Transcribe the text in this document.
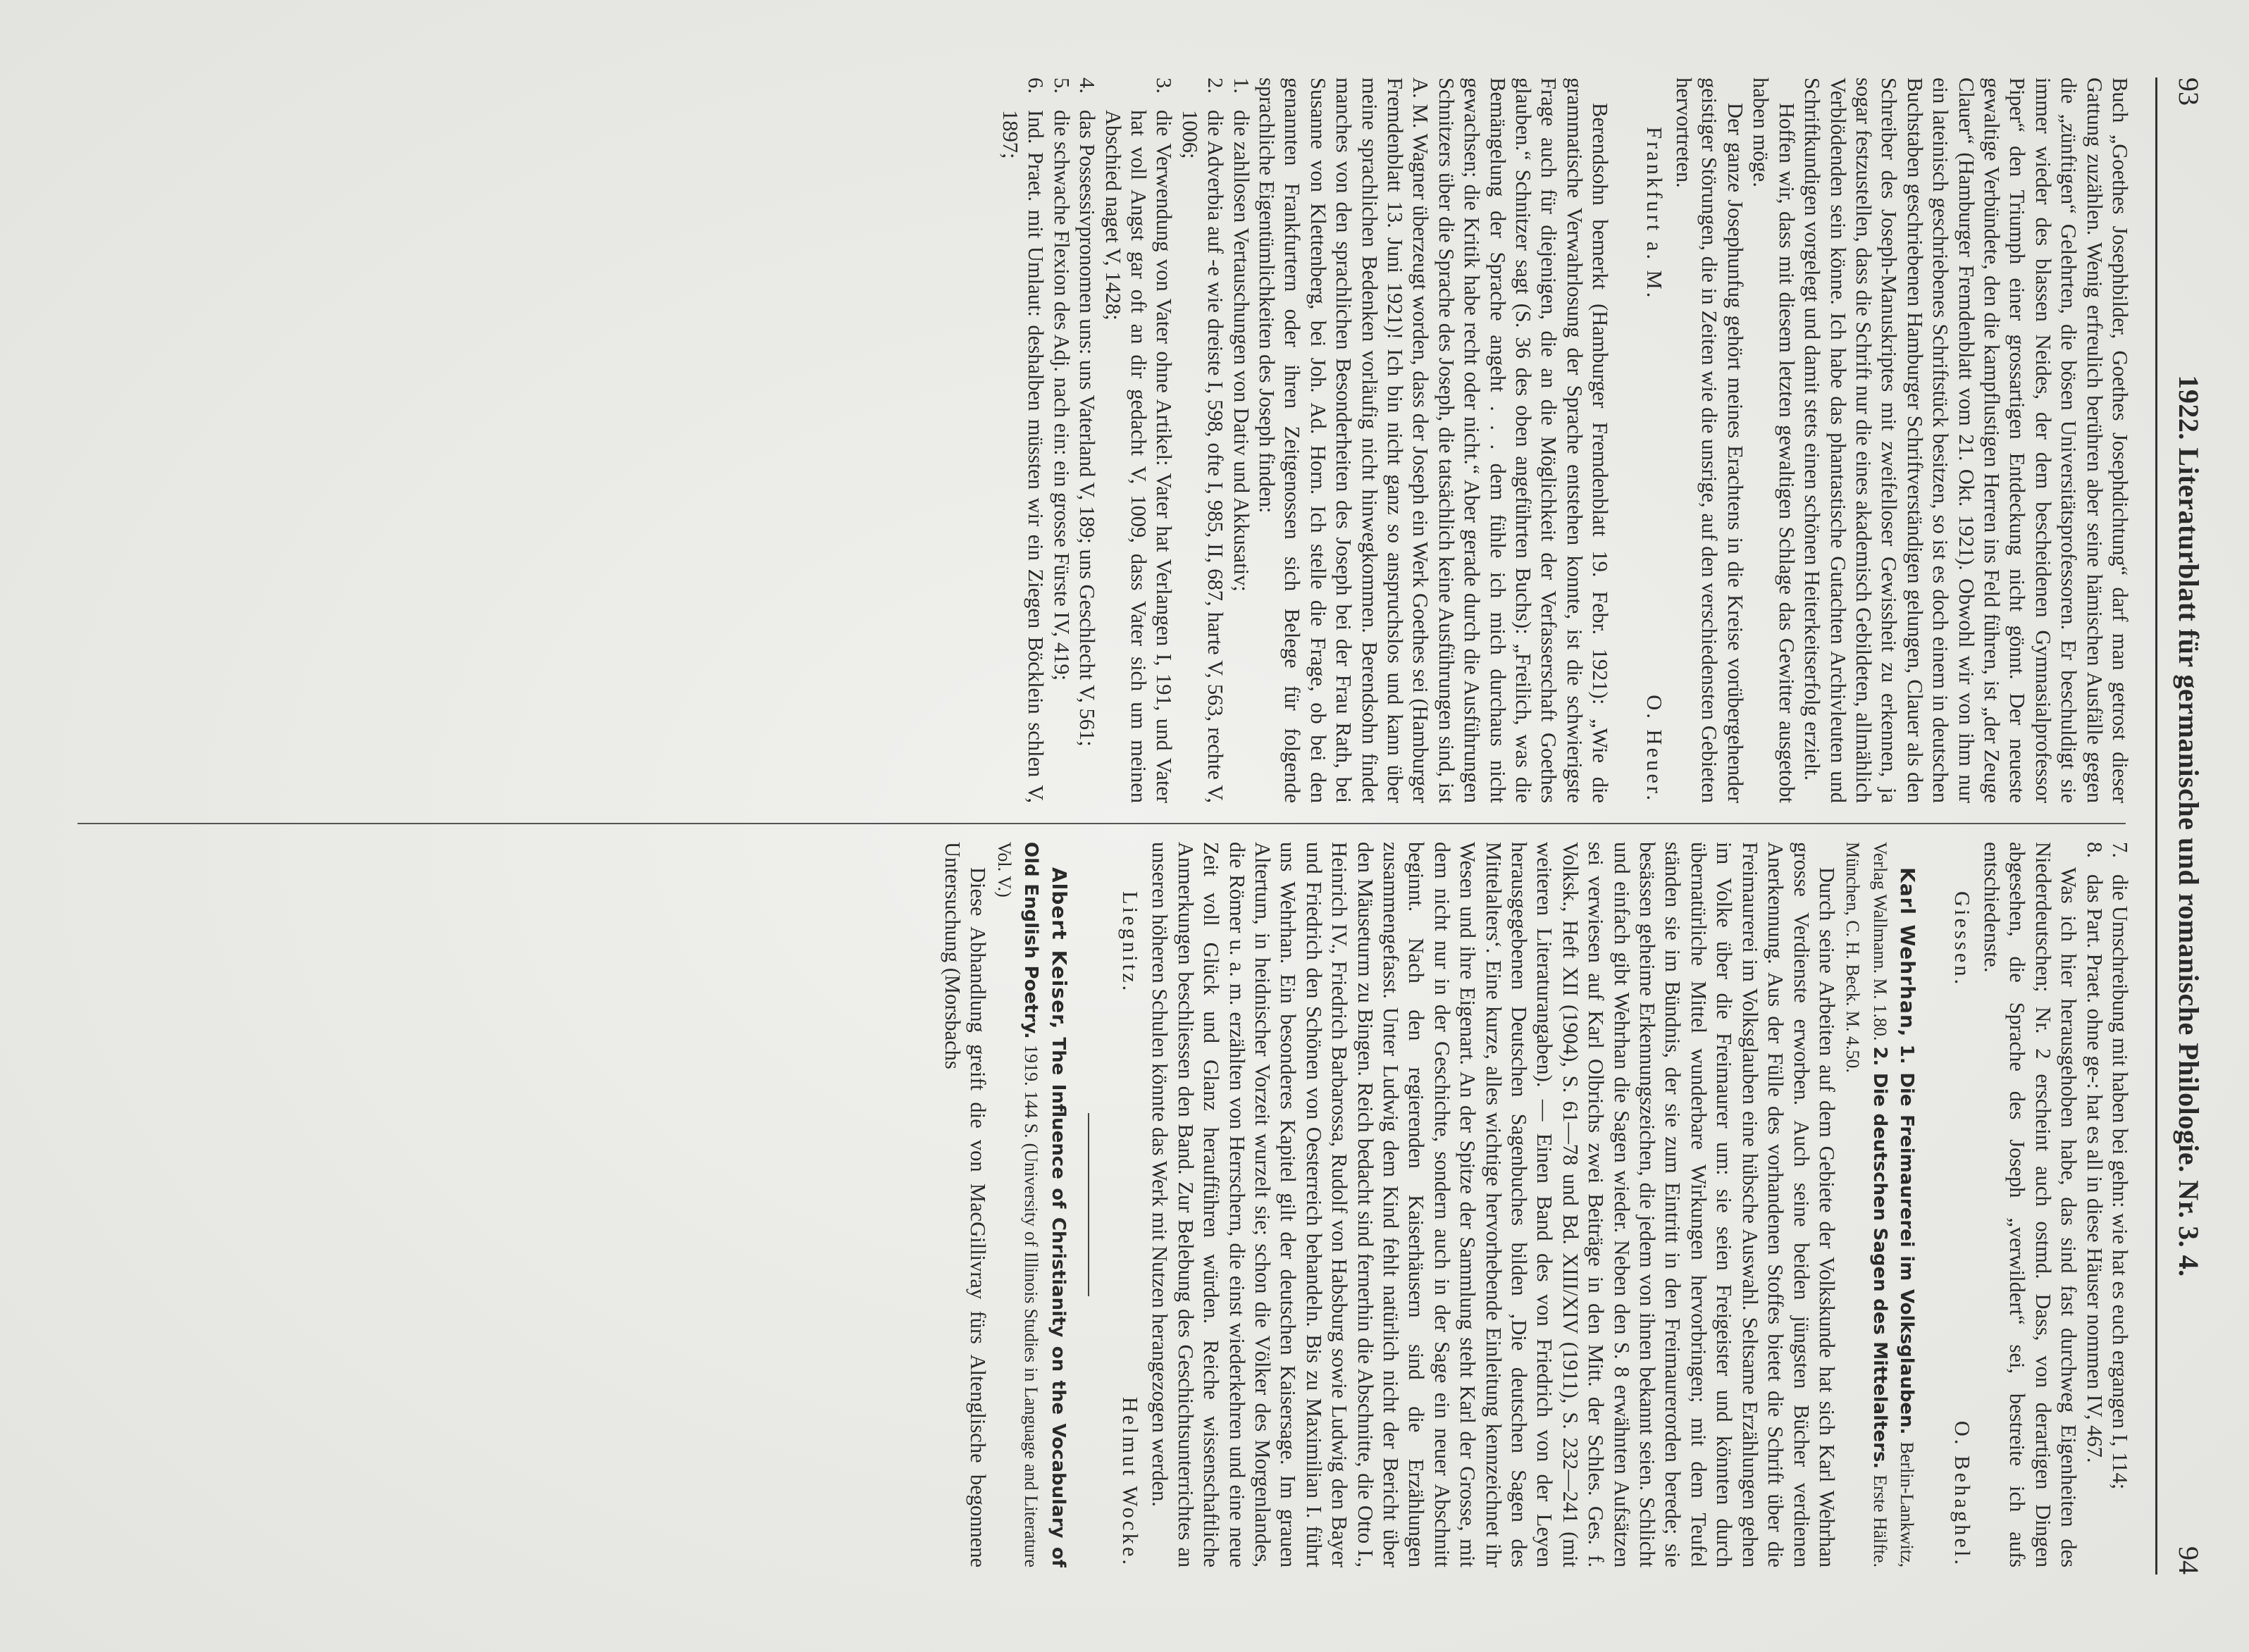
93
1922. Literaturblatt für germanische und romanische Philologie. Nr. 3. 4.
94

Buch „Goethes Josephbilder, Goethes Josephdichtung“ darf man getrost dieser Gattung zuzählen. Wenig erfreulich berühren aber seine hämischen Ausfälle gegen die „zünftigen“ Gelehrten, die bösen Universitätsprofessoren. Er beschuldigt sie immer wieder des blassen Neides, der dem bescheidenen Gymnasialprofessor Piper“ den Triumph einer grossartigen Entdeckung nicht gönnt. Der neueste gewaltige Verbündete, den die kampflustigen Herren ins Feld führen, ist „der Zeuge Clauer“ (Hamburger Fremdenblatt vom 21. Okt. 1921). Obwohl wir von ihm nur ein lateinisch geschriebenes Schriftstück besitzen, so ist es doch einem in deutschen Buchstaben geschriebenen Hamburger Schriftverständigen gelungen, Clauer als den Schreiber des Joseph-Manuskriptes mit zweifelloser Gewissheit zu erkennen, ja sogar festzustellen, dass die Schrift nur die eines akademisch Gebildeten, allmählich Verblödenden sein könne. Ich habe das phantastische Gutachten Archivleuten und Schriftkundigen vorgelegt und damit stets einen schönen Heiterkeitserfolg erzielt.

Hoffen wir, dass mit diesem letzten gewaltigen Schlage das Gewitter ausgetobt haben möge.

Der ganze Josephunfug gehört meines Erachtens in die Kreise vorübergehender geistiger Störungen, die in Zeiten wie die unsrige, auf den verschiedensten Gebieten hervortreten.

Frankfurt a. M.
O. Heuer.

Berendsohn bemerkt (Hamburger Fremdenblatt 19. Febr. 1921): „Wie die grammatische Verwahrlosung der Sprache entstehen konnte, ist die schwierigste Frage auch für diejenigen, die an die Möglichkeit der Verfasserschaft Goethes glauben.“ Schnitzer sagt (S. 36 des oben angeführten Buchs): „Freilich, was die Bemängelung der Sprache angeht . . . dem fühle ich mich durchaus nicht gewachsen; die Kritik habe recht oder nicht.“ Aber gerade durch die Ausführungen Schnitzers über die Sprache des Joseph, die tatsächlich keine Ausführungen sind, ist A. M. Wagner überzeugt worden, dass der Joseph ein Werk Goethes sei (Hamburger Fremdenblatt 13. Juni 1921)! Ich bin nicht ganz so anspruchslos und kann über meine sprachlichen Bedenken vorläufig nicht hinwegkommen. Berendsohn findet manches von den sprachlichen Besonderheiten des Joseph bei der Frau Rath, bei Susanne von Klettenberg, bei Joh. Ad. Horn. Ich stelle die Frage, ob bei den genannten Frankfurtern oder ihren Zeitgenossen sich Belege für folgende sprachliche Eigentümlichkeiten des Joseph finden:

1.
die zahllosen Vertauschungen von Dativ und Akkusativ;
2.
die Adverbia auf -e wie dreiste I, 598, ofte I, 985, II, 687, harte V, 563, rechte V, 1006;
3.
die Verwendung von Vater ohne Artikel: Vater hat Verlangen I, 191, und Vater hat voll Angst gar oft an dir gedacht V, 1009, dass Vater sich um meinen Abschied naget V, 1428;
4.
das Possessivpronomen uns: uns Vaterland V, 189; uns Geschlecht V, 561;
5.
die schwache Flexion des Adj. nach ein: ein grosse Fürste IV, 419;
6.
Ind. Praet. mit Umlaut: deshalben müssten wir ein Ziegen Böcklein schlen V, 1897;
7.
die Umschreibung mit haben bei gehn: wie hat es euch ergangen I, 114;
8.
das Part. Praet. ohne ge-: hat es all in diese Häuser nommen IV, 467.

Was ich hier herausgehoben habe, das sind fast durchweg Eigenheiten des Niederdeutschen; Nr. 2 erscheint auch ostmd. Dass, von derartigen Dingen abgesehen, die Sprache des Joseph „verwildert“ sei, bestreite ich aufs entschiedenste.

Giessen.
O. Behaghel.

Karl Wehrhan, 1. Die Freimaurerei im Volksglauben. Berlin-Lankwitz, Verlag Wallmann. M. 1.80. 2. Die deutschen Sagen des Mittelalters. Erste Hälfte. München, C. H. Beck. M. 4.50.

Durch seine Arbeiten auf dem Gebiete der Volkskunde hat sich Karl Wehrhan grosse Verdienste erworben. Auch seine beiden jüngsten Bücher verdienen Anerkennung. Aus der Fülle des vorhandenen Stoffes bietet die Schrift über die Freimaurerei im Volksglauben eine hübsche Auswahl. Seltsame Erzählungen gehen im Volke über die Freimaurer um: sie seien Freigeister und könnten durch übernatürliche Mittel wunderbare Wirkungen hervorbringen; mit dem Teufel ständen sie im Bündnis, der sie zum Eintritt in den Freimaurerorden berede; sie besässen geheime Erkennungszeichen, die jedem von ihnen bekannt seien. Schlicht und einfach gibt Wehrhan die Sagen wieder. Neben den S. 8 erwähnten Aufsätzen sei verwiesen auf Karl Olbrichs zwei Beiträge in den Mitt. der Schles. Ges. f. Volksk., Heft XII (1904), S. 61—78 und Bd. XIII/XIV (1911), S. 232—241 (mit weiteren Literaturangaben). — Einen Band des von Friedrich von der Leyen herausgegebenen Deutschen Sagenbuches bilden ‚Die deutschen Sagen des Mittelalters‘. Eine kurze, alles wichtige hervorhebende Einleitung kennzeichnet ihr Wesen und ihre Eigenart. An der Spitze der Sammlung steht Karl der Grosse, mit dem nicht nur in der Geschichte, sondern auch in der Sage ein neuer Abschnitt beginnt. Nach den regierenden Kaiserhäusern sind die Erzählungen zusammengefasst. Unter Ludwig dem Kind fehlt natürlich nicht der Bericht über den Mäuseturm zu Bingen. Reich bedacht sind fernerhin die Abschnitte, die Otto I., Heinrich IV., Friedrich Barbarossa, Rudolf von Habsburg sowie Ludwig den Bayer und Friedrich den Schönen von Oesterreich behandeln. Bis zu Maximilian I. führt uns Wehrhan. Ein besonderes Kapitel gilt der deutschen Kaisersage. Im grauen Altertum, in heidnischer Vorzeit wurzelt sie; schon die Völker des Morgenlandes, die Römer u. a. m. erzählten von Herrschern, die einst wiederkehren und eine neue Zeit voll Glück und Glanz heraufführen würden. Reiche wissenschaftliche Anmerkungen beschliessen den Band. Zur Belebung des Geschichtsunterrichtes an unseren höheren Schulen könnte das Werk mit Nutzen herangezogen werden.

Liegnitz.
Helmut Wocke.

Albert Keiser, The Influence of Christianity on the Vocabulary of Old English Poetry. 1919. 144 S. (University of Illinois Studies in Language and Literature Vol. V.)

Diese Abhandlung greift die von MacGillivray fürs Altenglische begonnene Untersuchung (Morsbachs
